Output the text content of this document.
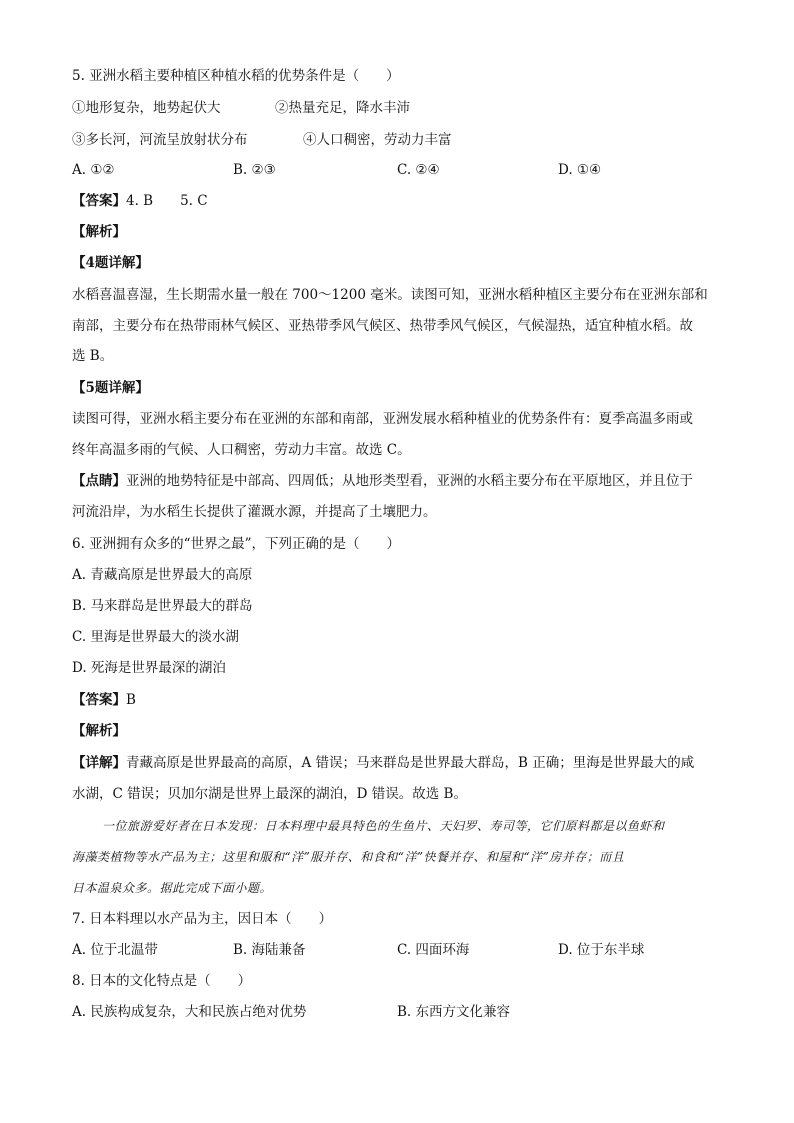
5. 亚洲水稻主要种植区种植水稻的优势条件是（　　）
①地形复杂，地势起伏大	②热量充足，降水丰沛
③多长河，河流呈放射状分布	④人口稠密，劳动力丰富
A. ①②	B. ②③	C. ②④	D. ①④
【答案】4. B　　5. C
【解析】
【4题详解】
水稻喜温喜湿，生长期需水量一般在 700～1200 毫米。读图可知，亚洲水稻种植区主要分布在亚洲东部和
南部，主要分布在热带雨林气候区、亚热带季风气候区、热带季风气候区，气候湿热，适宜种植水稻。故
选 B。
【5题详解】
读图可得，亚洲水稻主要分布在亚洲的东部和南部，亚洲发展水稻种植业的优势条件有：夏季高温多雨或
终年高温多雨的气候、人口稠密，劳动力丰富。故选 C。
【点睛】亚洲的地势特征是中部高、四周低；从地形类型看，亚洲的水稻主要分布在平原地区，并且位于
河流沿岸，为水稻生长提供了灌溉水源，并提高了土壤肥力。
6. 亚洲拥有众多的“世界之最”，下列正确的是（　　）
A. 青藏高原是世界最大的高原
B. 马来群岛是世界最大的群岛
C. 里海是世界最大的淡水湖
D. 死海是世界最深的湖泊
【答案】B
【解析】
【详解】青藏高原是世界最高的高原，A 错误；马来群岛是世界最大群岛，B 正确；里海是世界最大的咸
水湖，C 错误；贝加尔湖是世界上最深的湖泊，D 错误。故选 B。
一位旅游爱好者在日本发现：日本料理中最具特色的生鱼片、天妇罗、寿司等，它们原料都是以鱼虾和
海藻类植物等水产品为主；这里和服和“洋”服并存、和食和“洋”快餐并存、和屋和“洋”房并存；而且
日本温泉众多。据此完成下面小题。
7. 日本料理以水产品为主，因日本（　　）
A. 位于北温带	B. 海陆兼备	C. 四面环海	D. 位于东半球
8. 日本的文化特点是（　　）
A. 民族构成复杂，大和民族占绝对优势	B. 东西方文化兼容
